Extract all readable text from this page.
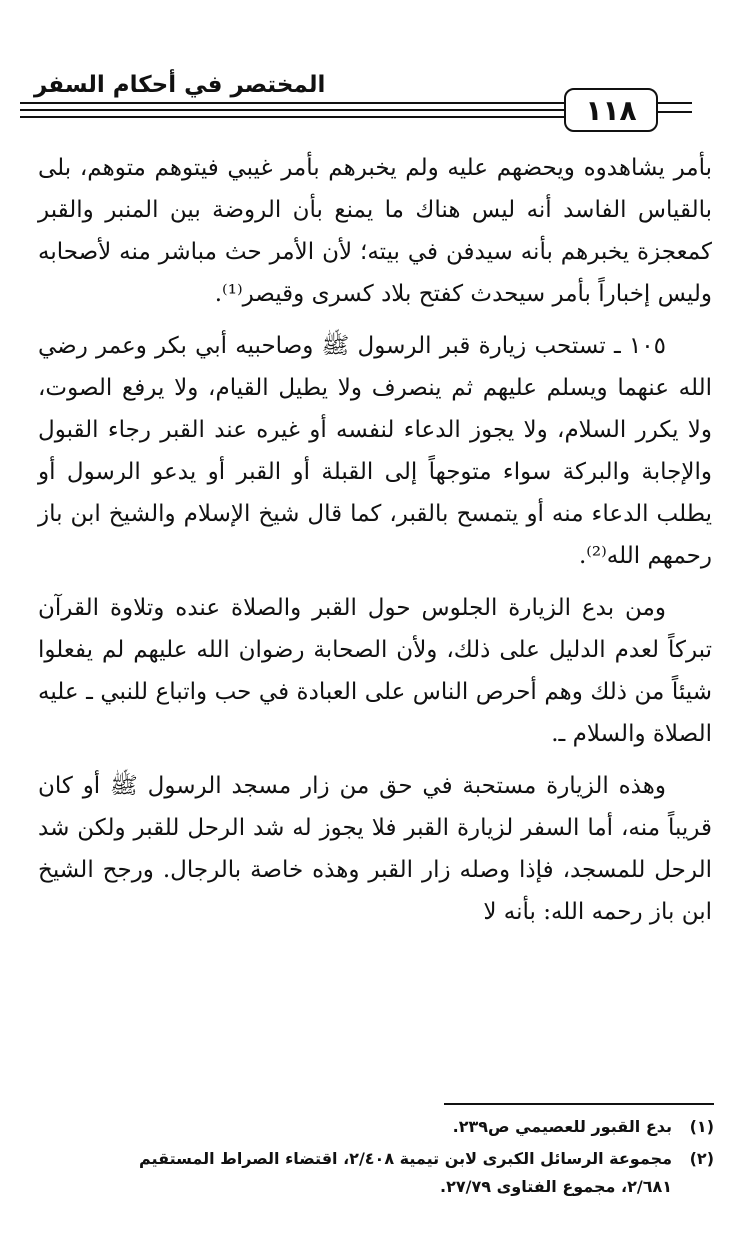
المختصر في أحكام السفر
١١٨

بأمر يشاهدوه ويحضهم عليه ولم يخبرهم بأمر غيبي فيتوهم متوهم، بلى بالقياس الفاسد أنه ليس هناك ما يمنع بأن الروضة بين المنبر والقبر كمعجزة يخبرهم بأنه سيدفن في بيته؛ لأن الأمر حث مباشر منه لأصحابه وليس إخباراً بأمر سيحدث كفتح بلاد كسرى وقيصر⁽¹⁾.

١٠٥ ـ تستحب زيارة قبر الرسول ﷺ وصاحبيه أبي بكر وعمر رضي الله عنهما ويسلم عليهم ثم ينصرف ولا يطيل القيام، ولا يرفع الصوت، ولا يكرر السلام، ولا يجوز الدعاء لنفسه أو غيره عند القبر رجاء القبول والإجابة والبركة سواء متوجهاً إلى القبلة أو القبر أو يدعو الرسول أو يطلب الدعاء منه أو يتمسح بالقبر، كما قال شيخ الإسلام والشيخ ابن باز رحمهم الله⁽²⁾.

ومن بدع الزيارة الجلوس حول القبر والصلاة عنده وتلاوة القرآن تبركاً لعدم الدليل على ذلك، ولأن الصحابة رضوان الله عليهم لم يفعلوا شيئاً من ذلك وهم أحرص الناس على العبادة في حب واتباع للنبي ـ عليه الصلاة والسلام ـ.

وهذه الزيارة مستحبة في حق من زار مسجد الرسول ﷺ أو كان قريباً منه، أما السفر لزيارة القبر فلا يجوز له شد الرحل للقبر ولكن شد الرحل للمسجد، فإذا وصله زار القبر وهذه خاصة بالرجال. ورجح الشيخ ابن باز رحمه الله: بأنه لا

(١)
بدع القبور للعصيمي ص٢٣٩.
(٢)
مجموعة الرسائل الكبرى لابن تيمية ٢/٤٠٨، اقتضاء الصراط المستقيم
٢/٦٨١، مجموع الفتاوى ٢٧/٧٩.
